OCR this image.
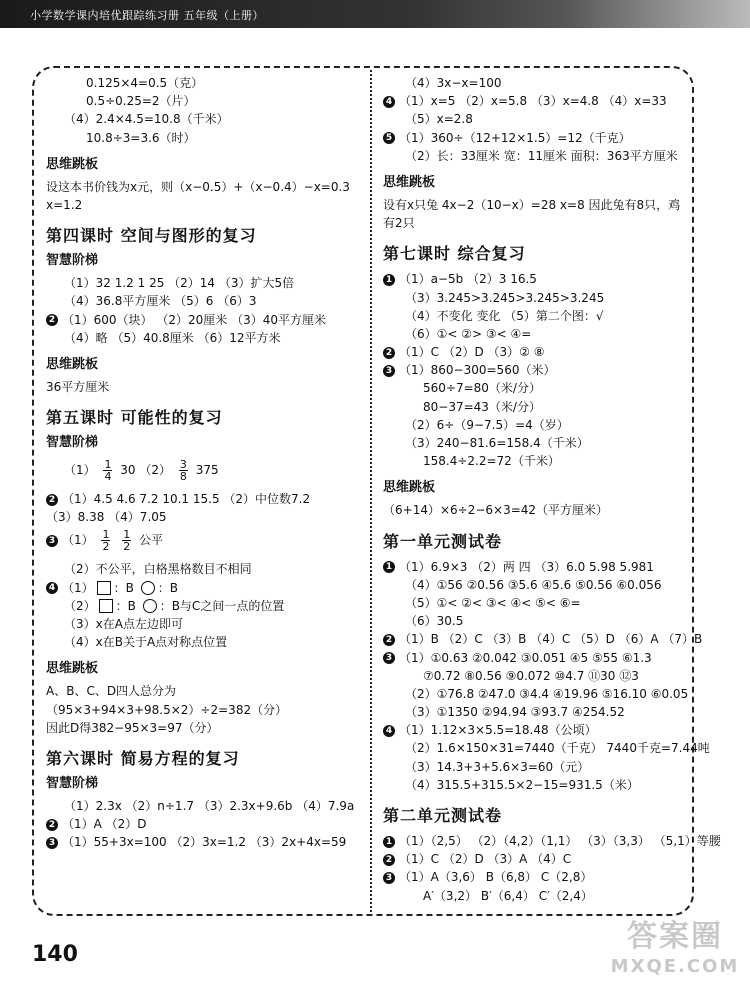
小学数学课内培优跟踪练习册 五年级（上册）
0.125×4=0.5（克）
0.5÷0.25=2（片）
（4）2.4×4.5=10.8（千米）
10.8÷3=3.6（时）
思维跳板
设这本书价钱为x元，则（x−0.5）+（x−0.4）−x=0.3
x=1.2
第四课时 空间与图形的复习
智慧阶梯
（1）32 1.2 1 25 （2）14 （3）扩大5倍
（4）36.8平方厘米 （5）6 （6）3
2 （1）600（块） （2）20厘米 （3）40平方厘米
（4）略 （5）40.8厘米 （6）12平方米
思维跳板
36平方厘米
第五课时 可能性的复习
智慧阶梯
$(1) \frac{1}{4} 30$ $(2) \frac{3}{8} 375$
2 （1）4.5 4.6 7.2 10.1 15.5 （2）中位数7.2
（3）8.38 （4）7.05
3 $(1) \frac{1}{2}$
$\frac{1}{2}$ 公平
（2）不公平，白格黑格数目不相同
4 （1） ：B ：B
（2） ：B ：B与C之间一点的位置
（3）x在A点左边即可
（4）x在B关于A点对称点位置
思维跳板
A、B、C、D四人总分为
（95×3+94×3+98.5×2）÷2=382（分）
因此D得382−95×3=97（分）
第六课时 简易方程的复习
智慧阶梯
（1）2.3x （2）n÷1.7 （3）2.3x+9.6b （4）7.9a
2 （1）A （2）D
3 （1）55+3x=100 （2）3x=1.2 （3）2x+4x=59
（4）3x−x=100
4 （1）x=5 （2）x=5.8 （3）x=4.8 （4）x=33
（5）x=2.8
5 （1）360÷（12+12×1.5）=12（千克）
（2）长：33厘米 宽：11厘米 面积：363平方厘米
思维跳板
设有x只兔 4x−2（10−x）=28 x=8 因此兔有8只，鸡
有2只
第七课时 综合复习
1 （1）a−5b （2）3 16.5
（3）3.245>3.245>3.245>3.245
（4）不变化 变化 （5）第二个图：√
（6）①< ②> ③< ④=
2 （1）C （2）D （3）② ⑧
3 （1）860−300=560（米）
560÷7=80（米/分）
80−37=43（米/分）
（2）6÷（9−7.5）=4（岁）
（3）240−81.6=158.4（千米）
158.4÷2.2=72（千米）
思维跳板
（6+14）×6÷2−6×3=42（平方厘米）
第一单元测试卷
1 （1）6.9×3 （2）两 四 （3）6.0 5.98 5.981
（4）①56 ②0.56 ③5.6 ④5.6 ⑤0.56 ⑥0.056
（5）①< ②< ③< ④< ⑤< ⑥=
（6）30.5
2 （1）B （2）C （3）B （4）C （5）D （6）A （7）B
3 （1）①0.63 ②0.042 ③0.051 ④5 ⑤55 ⑥1.3
⑦0.72 ⑧0.56 ⑨0.072 ⑩4.7 ⑪30 ⑫3
（2）①76.8 ②47.0 ③4.4 ④19.96 ⑤16.10 ⑥0.05
（3）①1350 ②94.94 ③93.7 ④254.52
4 （1）1.12×3×5.5=18.48（公顷）
（2）1.6×150×31=7440（千克） 7440千克=7.44吨
（3）14.3+3+5.6×3=60（元）
（4）315.5+315.5×2−15=931.5（米）
第二单元测试卷
1 （1）（2,5） （2）（4,2）（1,1） （3）（3,3） （5,1）等腰
2 （1）C （2）D （3）A （4）C
3 （1）A（3,6） B（6,8） C（2,8）
A′（3,2） B′（6,4） C′（2,4）
140
答案圈
MXQE.COM
